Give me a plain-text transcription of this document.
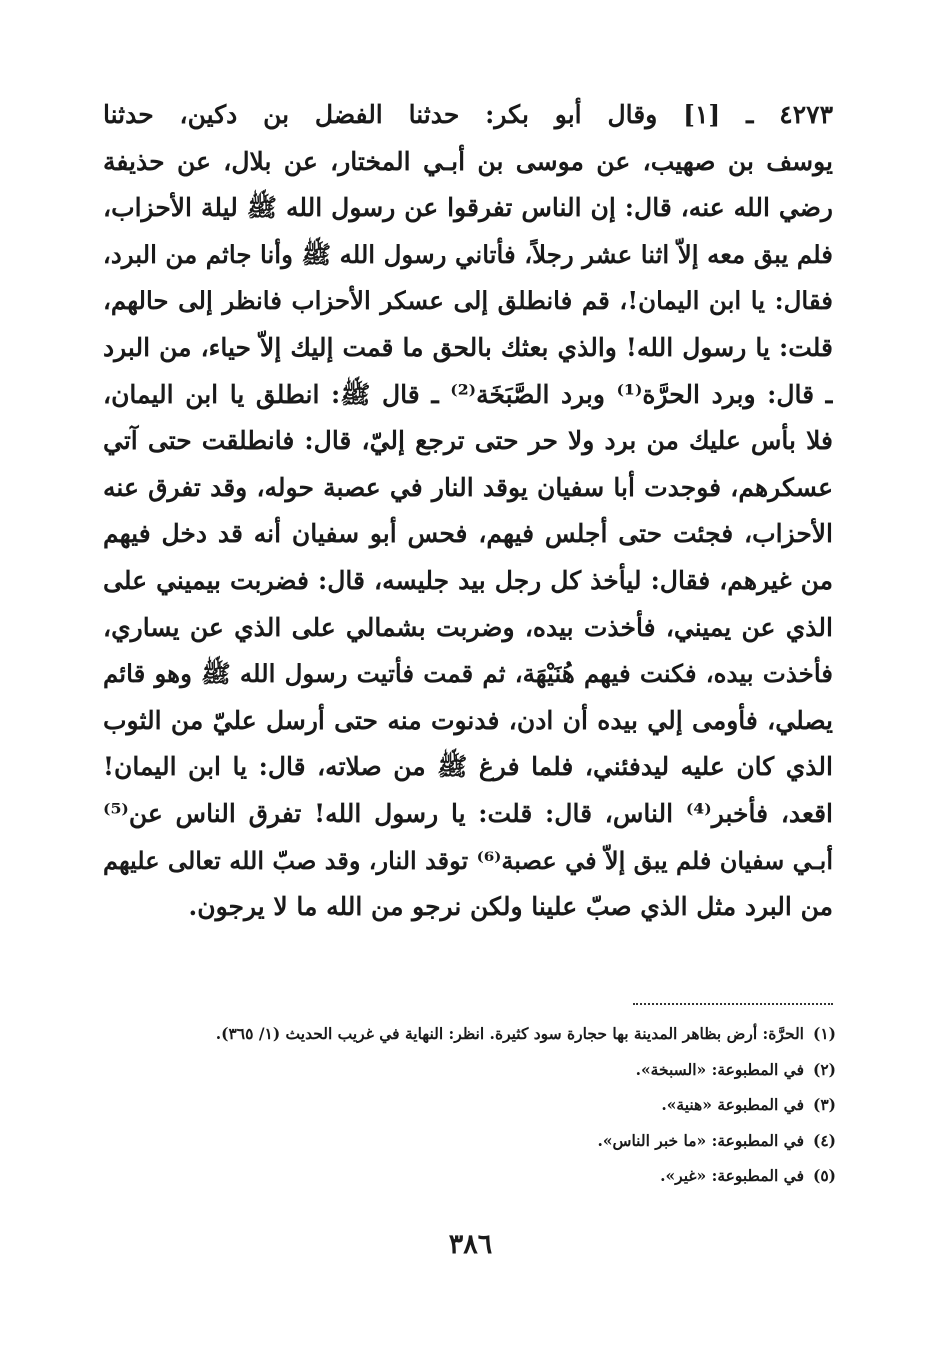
٤٢٧٣ ـ [١] وقال أبو بكر: حدثنا الفضل بن دكين، حدثنا
يوسف بن صهيب، عن موسى بن أبـي المختار، عن بلال، عن حذيفة
رضي الله عنه، قال: إن الناس تفرقوا عن رسول الله ﷺ ليلة الأحزاب،
فلم يبق معه إلاّ اثنا عشر رجلاً، فأتاني رسول الله ﷺ وأنا جاثم من البرد،
فقال: يا ابن اليمان!، قم فانطلق إلى عسكر الأحزاب فانظر إلى حالهم،
قلت: يا رسول الله! والذي بعثك بالحق ما قمت إليك إلاّ حياء، من البرد
ـ قال: وبرد الحرَّة⁽¹⁾ وبرد الصَّبَخَة⁽²⁾ ـ قال ﷺ: انطلق يا ابن اليمان،
فلا بأس عليك من برد ولا حر حتى ترجع إليّ، قال: فانطلقت حتى آتي
عسكرهم، فوجدت أبا سفيان يوقد النار في عصبة حوله، وقد تفرق عنه
الأحزاب، فجئت حتى أجلس فيهم، فحس أبو سفيان أنه قد دخل فيهم
من غيرهم، فقال: ليأخذ كل رجل بيد جليسه، قال: فضربت بيميني على
الذي عن يميني، فأخذت بيده، وضربت بشمالي على الذي عن يساري،
فأخذت بيده، فكنت فيهم هُنَيْهَة، ثم قمت فأتيت رسول الله ﷺ وهو قائم
يصلي، فأومى إلي بيده أن ادن، فدنوت منه حتى أرسل عليّ من الثوب
الذي كان عليه ليدفئني، فلما فرغ ﷺ من صلاته، قال: يا ابن اليمان!
اقعد، فأخبر⁽⁴⁾ الناس، قال: قلت: يا رسول الله! تفرق الناس عن⁽⁵⁾
أبـي سفيان فلم يبق إلاّ في عصبة⁽⁶⁾ توقد النار، وقد صبّ الله تعالى عليهم
من البرد مثل الذي صبّ علينا ولكن نرجو من الله ما لا يرجون.
(١)
الحرَّة: أرض بظاهر المدينة بها حجارة سود كثيرة. انظر: النهاية في غريب الحديث (١/ ٣٦٥).
(٢)
في المطبوعة: «السبخة».
(٣)
في المطبوعة «هنية».
(٤)
في المطبوعة: «ما خبر الناس».
(٥)
في المطبوعة: «غير».
٣٨٦
